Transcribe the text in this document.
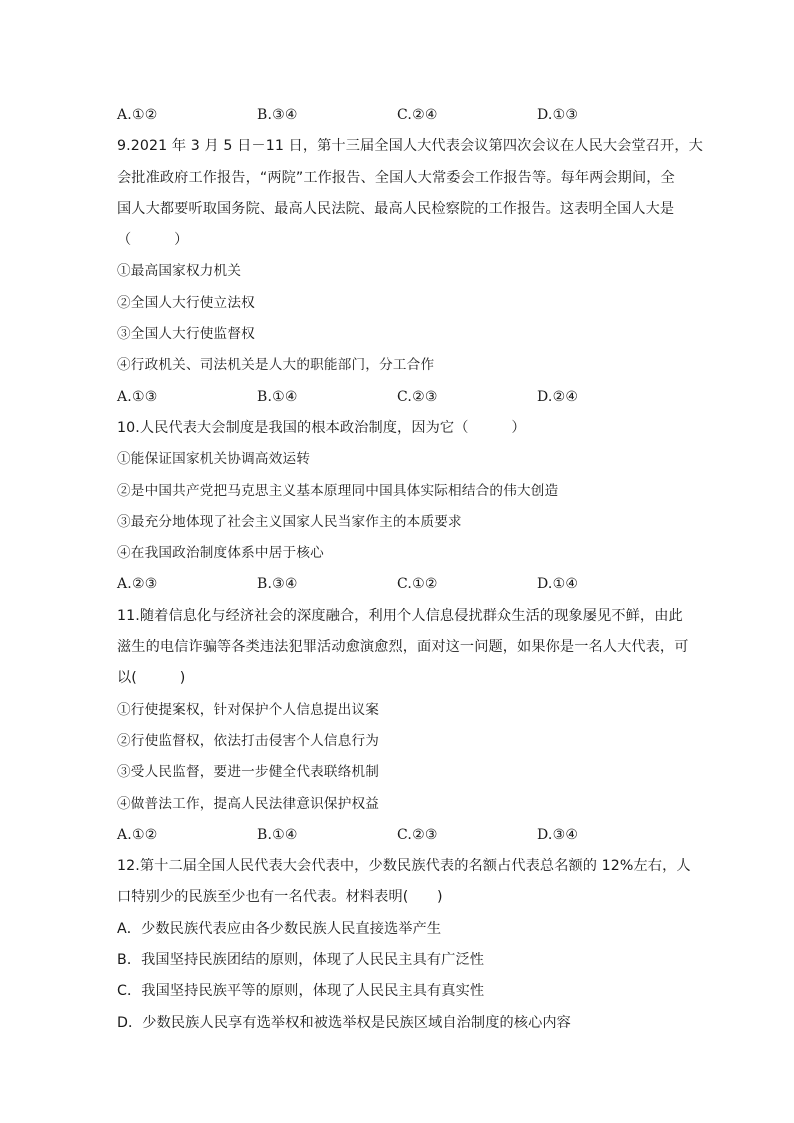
A.①②	B.③④	C.②④	D.①③
9.2021 年 3 月 5 日－11 日，第十三届全国人大代表会议第四次会议在人民大会堂召开，大
会批准政府工作报告，“两院”工作报告、全国人大常委会工作报告等。每年两会期间，全
国人大都要听取国务院、最高人民法院、最高人民检察院的工作报告。这表明全国人大是
（　　　）
①最高国家权力机关
②全国人大行使立法权
③全国人大行使监督权
④行政机关、司法机关是人大的职能部门，分工合作
A.①③	B.①④	C.②③	D.②④
10.人民代表大会制度是我国的根本政治制度，因为它（　　　）
①能保证国家机关协调高效运转
②是中国共产党把马克思主义基本原理同中国具体实际相结合的伟大创造
③最充分地体现了社会主义国家人民当家作主的本质要求
④在我国政治制度体系中居于核心
A.②③	B.③④	C.①②	D.①④
11.随着信息化与经济社会的深度融合，利用个人信息侵扰群众生活的现象屡见不鲜，由此
滋生的电信诈骗等各类违法犯罪活动愈演愈烈，面对这一问题，如果你是一名人大代表，可
以(　　　)
①行使提案权，针对保护个人信息提出议案
②行使监督权，依法打击侵害个人信息行为
③受人民监督，要进一步健全代表联络机制
④做普法工作，提高人民法律意识保护权益
A.①②	B.①④	C.②③	D.③④
12.第十二届全国人民代表大会代表中，少数民族代表的名额占代表总名额的 12%左右，人
口特别少的民族至少也有一名代表。材料表明(　　)
A．少数民族代表应由各少数民族人民直接选举产生
B．我国坚持民族团结的原则，体现了人民民主具有广泛性
C．我国坚持民族平等的原则，体现了人民民主具有真实性
D．少数民族人民享有选举权和被选举权是民族区域自治制度的核心内容
